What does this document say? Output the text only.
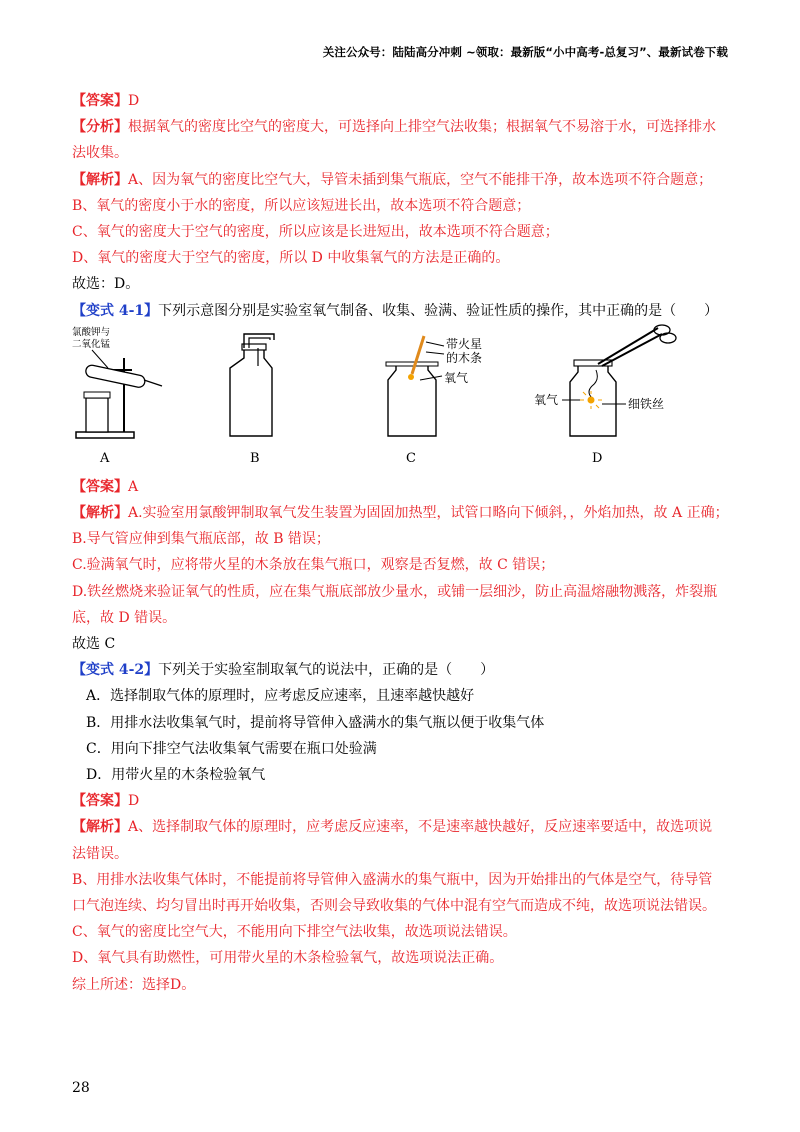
关注公众号：陆陆高分冲刺 ~领取：最新版“小中高考-总复习”、最新试卷下载

【答案】D

【分析】根据氧气的密度比空气的密度大，可选择向上排空气法收集；根据氧气不易溶于水，可选择排水

法收集。

【解析】A、因为氧气的密度比空气大，导管未插到集气瓶底，空气不能排干净，故本选项不符合题意；

B、氧气的密度小于水的密度，所以应该短进长出，故本选项不符合题意；

C、氧气的密度大于空气的密度，所以应该是长进短出，故本选项不符合题意；

D、氧气的密度大于空气的密度，所以 D 中收集氧气的方法是正确的。

故选：D。

【变式 4-1】下列示意图分别是实验室氧气制备、收集、验满、验证性质的操作，其中正确的是（　　）

氯酸钾与
二氧化锰
A	B
带火星
的木条
氧气
C
氧气	细铁丝
D

【答案】A

【解析】A.实验室用氯酸钾制取氧气发生装置为固固加热型，试管口略向下倾斜，，外焰加热，故 A 正确；

B.导气管应伸到集气瓶底部，故 B 错误；

C.验满氧气时，应将带火星的木条放在集气瓶口，观察是否复燃，故 C 错误；

D.铁丝燃烧来验证氧气的性质，应在集气瓶底部放少量水，或铺一层细沙，防止高温熔融物溅落，炸裂瓶

底，故 D 错误。

故选 C

【变式 4-2】下列关于实验室制取氧气的说法中，正确的是（　　）

A．选择制取气体的原理时，应考虑反应速率，且速率越快越好

B．用排水法收集氧气时，提前将导管伸入盛满水的集气瓶以便于收集气体

C．用向下排空气法收集氧气需要在瓶口处验满

D．用带火星的木条检验氧气

【答案】D

【解析】A、选择制取气体的原理时，应考虑反应速率，不是速率越快越好，反应速率要适中，故选项说

法错误。

B、用排水法收集气体时，不能提前将导管伸入盛满水的集气瓶中，因为开始排出的气体是空气，待导管

口气泡连续、均匀冒出时再开始收集，否则会导致收集的气体中混有空气而造成不纯，故选项说法错误。

C、氧气的密度比空气大，不能用向下排空气法收集，故选项说法错误。

D、氧气具有助燃性，可用带火星的木条检验氧气，故选项说法正确。

综上所述：选择D。

28
